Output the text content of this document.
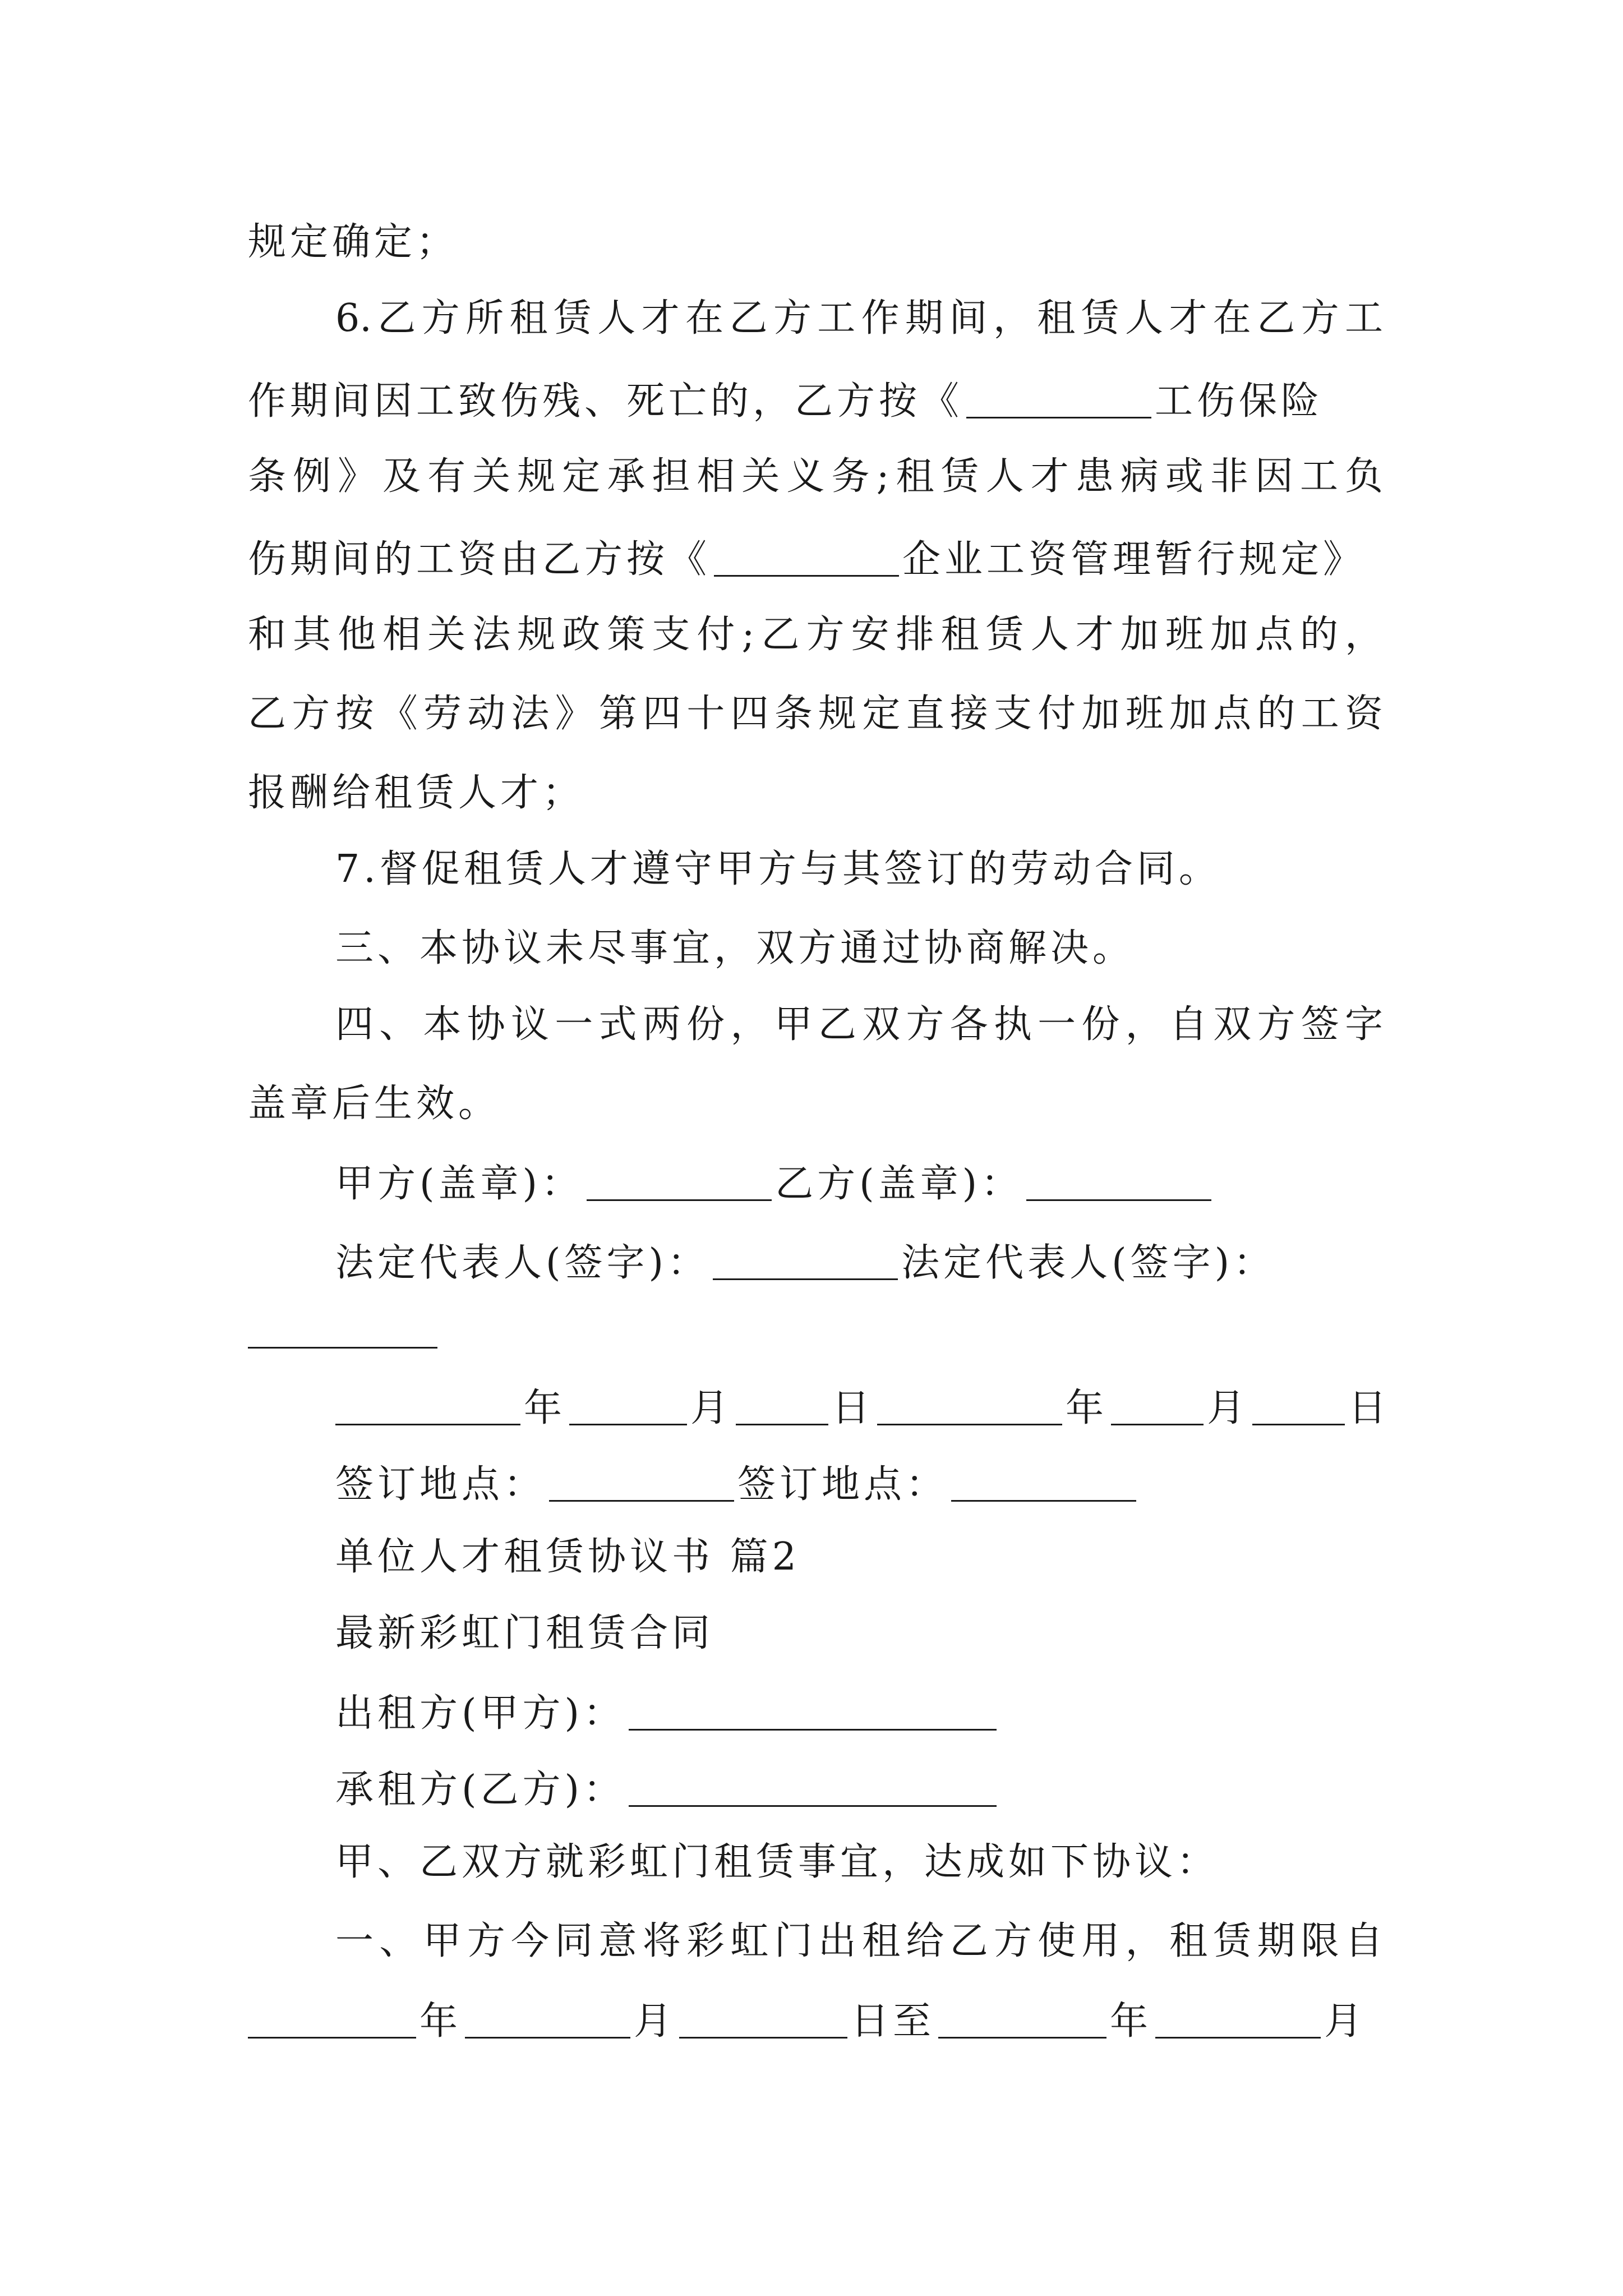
规定确定；
6.乙方所租赁人才在乙方工作期间，租赁人才在乙方工
作期间因工致伤残、死亡的，乙方按《	工伤保险
条例》及有关规定承担相关义务;租赁人才患病或非因工负
伤期间的工资由乙方按《	企业工资管理暂行规定》
和其他相关法规政策支付;乙方安排租赁人才加班加点的，
乙方按《劳动法》第四十四条规定直接支付加班加点的工资
报酬给租赁人才；
7.督促租赁人才遵守甲方与其签订的劳动合同。
三、本协议未尽事宜，双方通过协商解决。
四、本协议一式两份，甲乙双方各执一份，自双方签字
盖章后生效。
甲方(盖章)：	乙方(盖章)：
法定代表人(签字)：	法定代表人(签字)：
年	月	日	年	月	日
签订地点：	签订地点：
单位人才租赁协议书 篇2
最新彩虹门租赁合同
出租方(甲方)：
承租方(乙方)：
甲、乙双方就彩虹门租赁事宜，达成如下协议：
一、甲方今同意将彩虹门出租给乙方使用，租赁期限自
年	月	日至	年	月
